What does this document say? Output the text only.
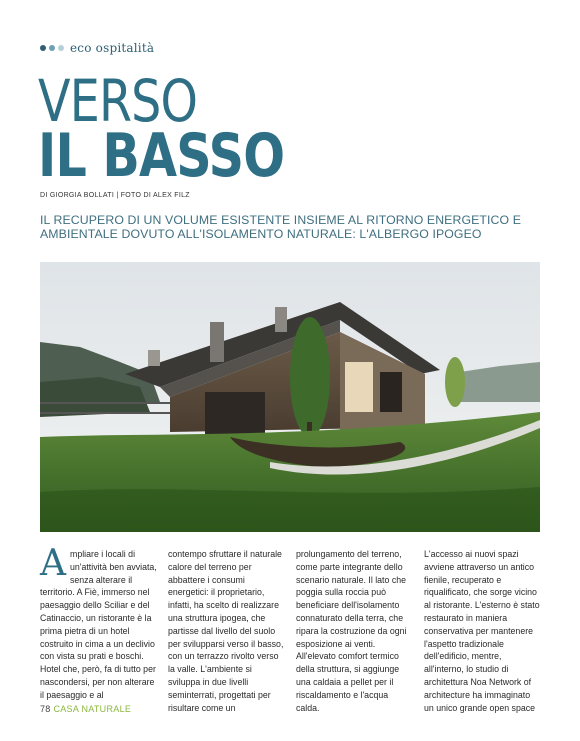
eco ospitalità
VERSO
IL BASSO
DI GIORGIA BOLLATI | FOTO DI ALEX FILZ
IL RECUPERO DI UN VOLUME ESISTENTE INSIEME AL RITORNO ENERGETICO E AMBIENTALE DOVUTO ALL'ISOLAMENTO NATURALE: L'ALBERGO IPOGEO
A mpliare i locali di un'attività ben avviata, senza alterare il territorio. A Fiè, immerso nel paesaggio dello Sciliar e del Catinaccio, un ristorante è la prima pietra di un hotel costruito in cima a un declivio con vista su prati e boschi. Hotel che, però, fa di tutto per nascondersi, per non alterare il paesaggio e al

contempo sfruttare il naturale calore del terreno per abbattere i consumi energetici: il proprietario, infatti, ha scelto di realizzare una struttura ipogea, che partisse dal livello del suolo per svilupparsi verso il basso, con un terrazzo rivolto verso la valle. L'ambiente si sviluppa in due livelli seminterrati, progettati per risultare come un

prolungamento del terreno, come parte integrante dello scenario naturale. Il lato che poggia sulla roccia può beneficiare dell'isolamento connaturato della terra, che ripara la costruzione da ogni esposizione ai venti. All'elevato comfort termico della struttura, si aggiunge una caldaia a pellet per il riscaldamento e l'acqua calda.

L'accesso ai nuovi spazi avviene attraverso un antico fienile, recuperato e riqualificato, che sorge vicino al ristorante. L'esterno è stato restaurato in maniera conservativa per mantenere l'aspetto tradizionale dell'edificio, mentre, all'interno, lo studio di architettura Noa Network of architecture ha immaginato un unico grande open space

78 CASA NATURALE
